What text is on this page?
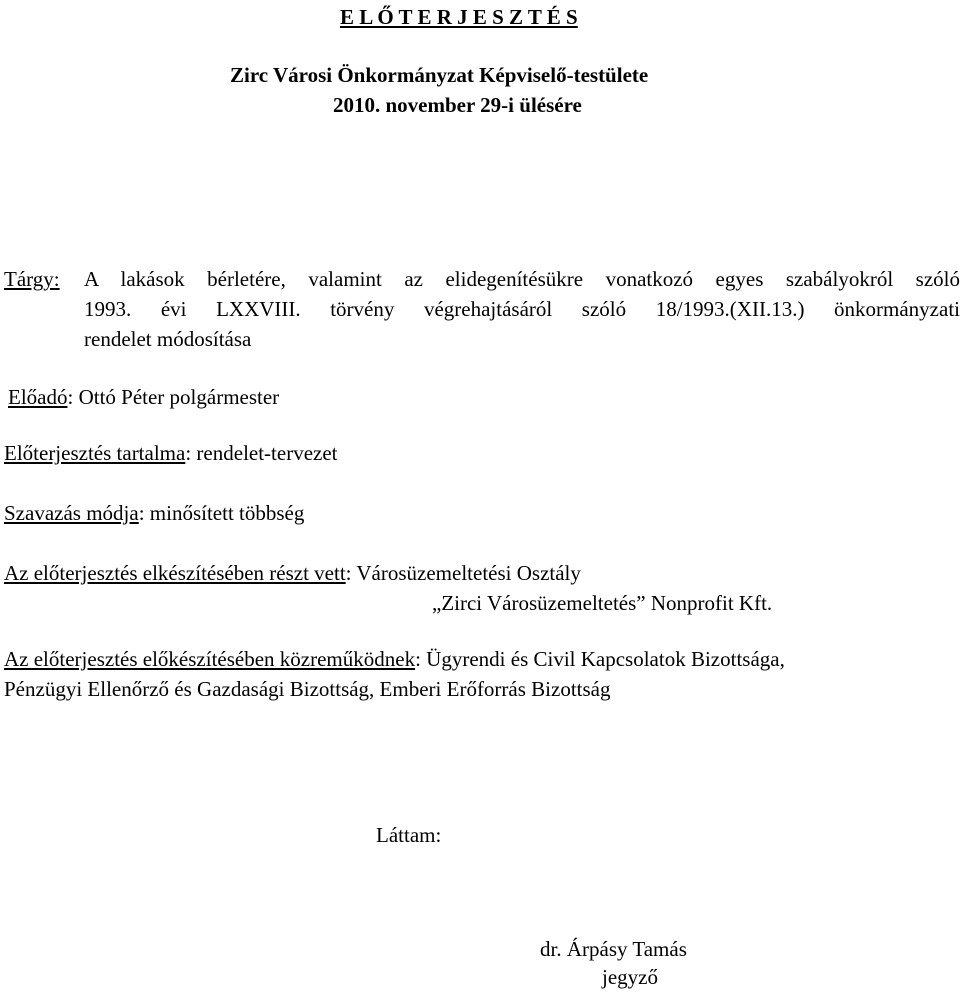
E L Ő T E R J E S Z T É S
Zirc Városi Önkormányzat Képviselő-testülete
2010. november 29-i ülésére
Tárgy: A lakások bérletére, valamint az elidegenítésükre vonatkozó egyes szabályokról szóló
1993. évi LXXVIII. törvény végrehajtásáról szóló 18/1993.(XII.13.) önkormányzati
rendelet módosítása
Előadó: Ottó Péter polgármester
Előterjesztés tartalma: rendelet-tervezet
Szavazás módja: minősített többség
Az előterjesztés elkészítésében részt vett: Városüzemeltetési Osztály
„Zirci Városüzemeltetés” Nonprofit Kft.
Az előterjesztés előkészítésében közreműködnek: Ügyrendi és Civil Kapcsolatok Bizottsága,
Pénzügyi Ellenőrző és Gazdasági Bizottság, Emberi Erőforrás Bizottság
Láttam:
dr. Árpásy Tamás
jegyző
